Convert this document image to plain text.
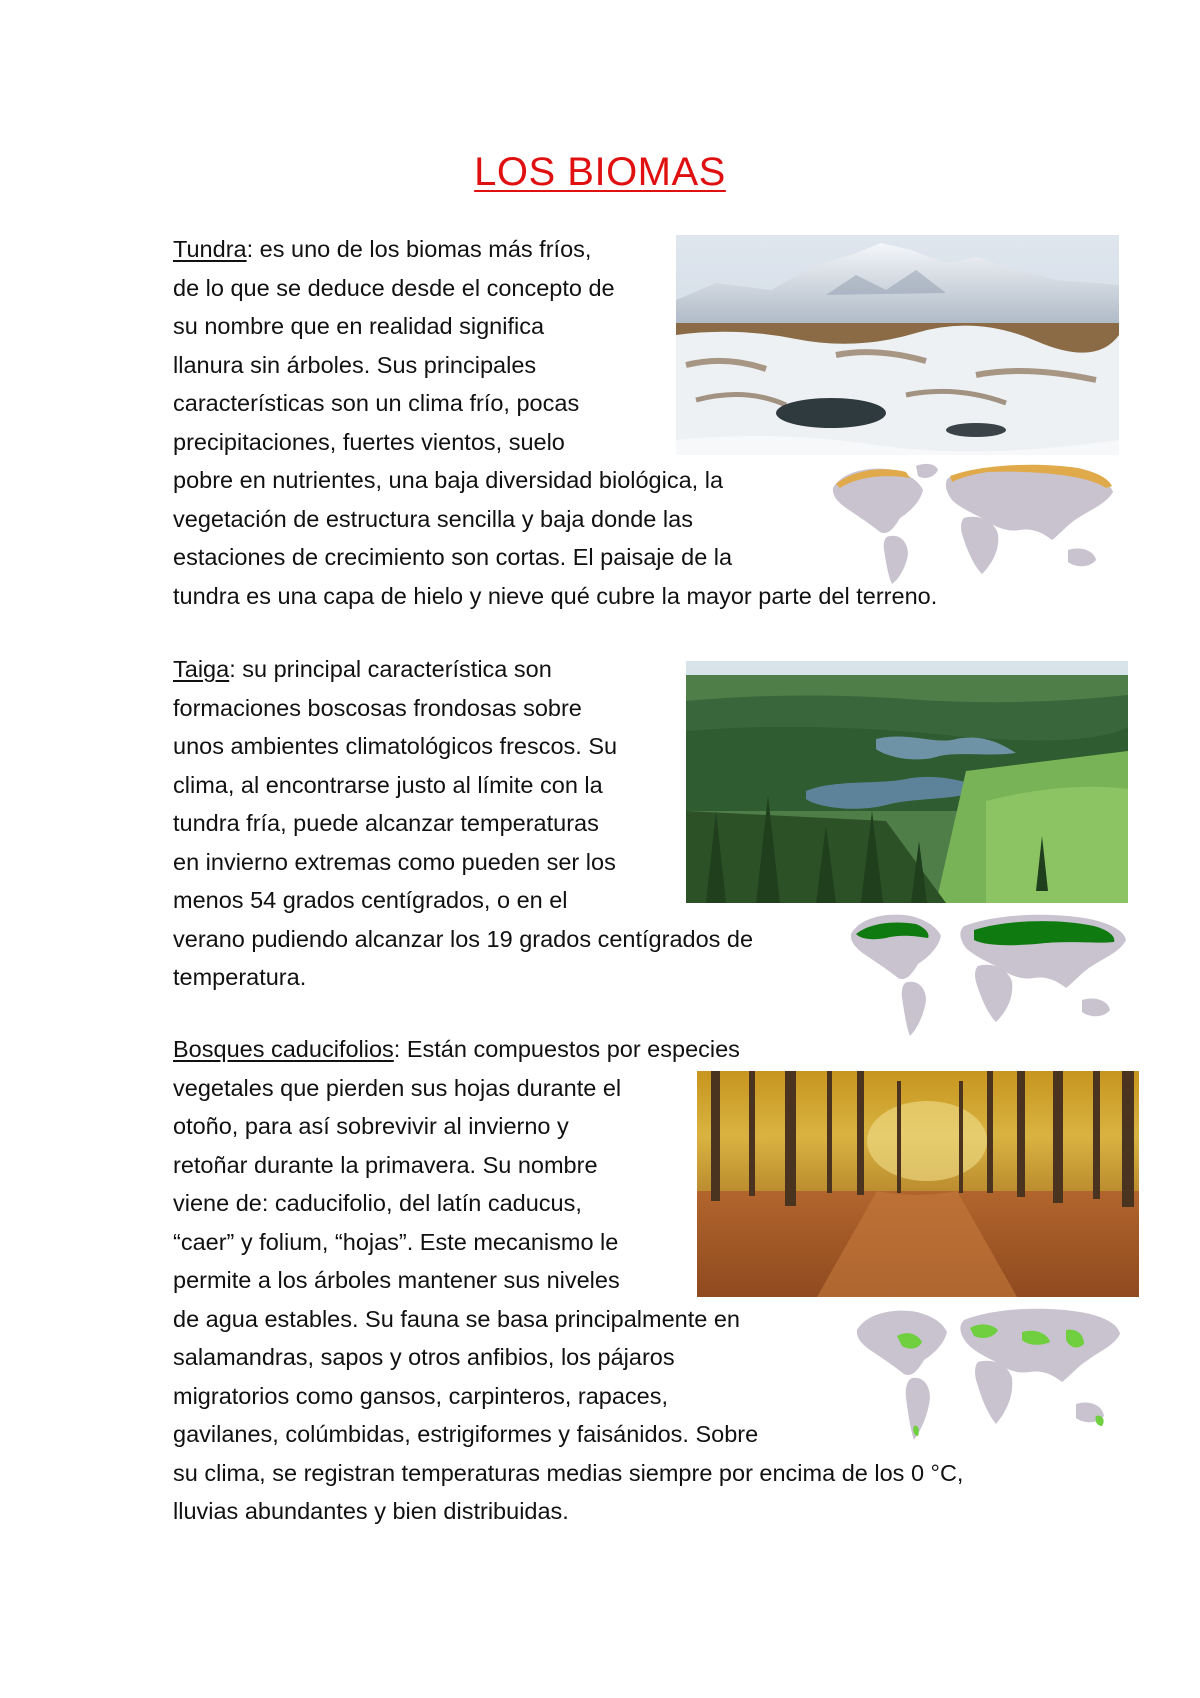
LOS BIOMAS

Tundra: es uno de los biomas más fríos,
de lo que se deduce desde el concepto de
su nombre que en realidad significa
llanura sin árboles. Sus principales
características son un clima frío, pocas
precipitaciones, fuertes vientos, suelo
pobre en nutrientes, una baja diversidad biológica, la
vegetación de estructura sencilla y baja donde las
estaciones de crecimiento son cortas. El paisaje de la
tundra es una capa de hielo y nieve qué cubre la mayor parte del terreno.

Taiga: su principal característica son
formaciones boscosas frondosas sobre
unos ambientes climatológicos frescos. Su
clima, al encontrarse justo al límite con la
tundra fría, puede alcanzar temperaturas
en invierno extremas como pueden ser los
menos 54 grados centígrados, o en el
verano pudiendo alcanzar los 19 grados centígrados de
temperatura.

Bosques caducifolios: Están compuestos por especies
vegetales que pierden sus hojas durante el
otoño, para así sobrevivir al invierno y
retoñar durante la primavera. Su nombre
viene de: caducifolio, del latín caducus,
“caer” y folium, “hojas”. Este mecanismo le
permite a los árboles mantener sus niveles
de agua estables. Su fauna se basa principalmente en
salamandras, sapos y otros anfibios, los pájaros
migratorios como gansos, carpinteros, rapaces,
gavilanes, colúmbidas, estrigiformes y faisánidos. Sobre
su clima, se registran temperaturas medias siempre por encima de los 0 °C,
lluvias abundantes y bien distribuidas.
